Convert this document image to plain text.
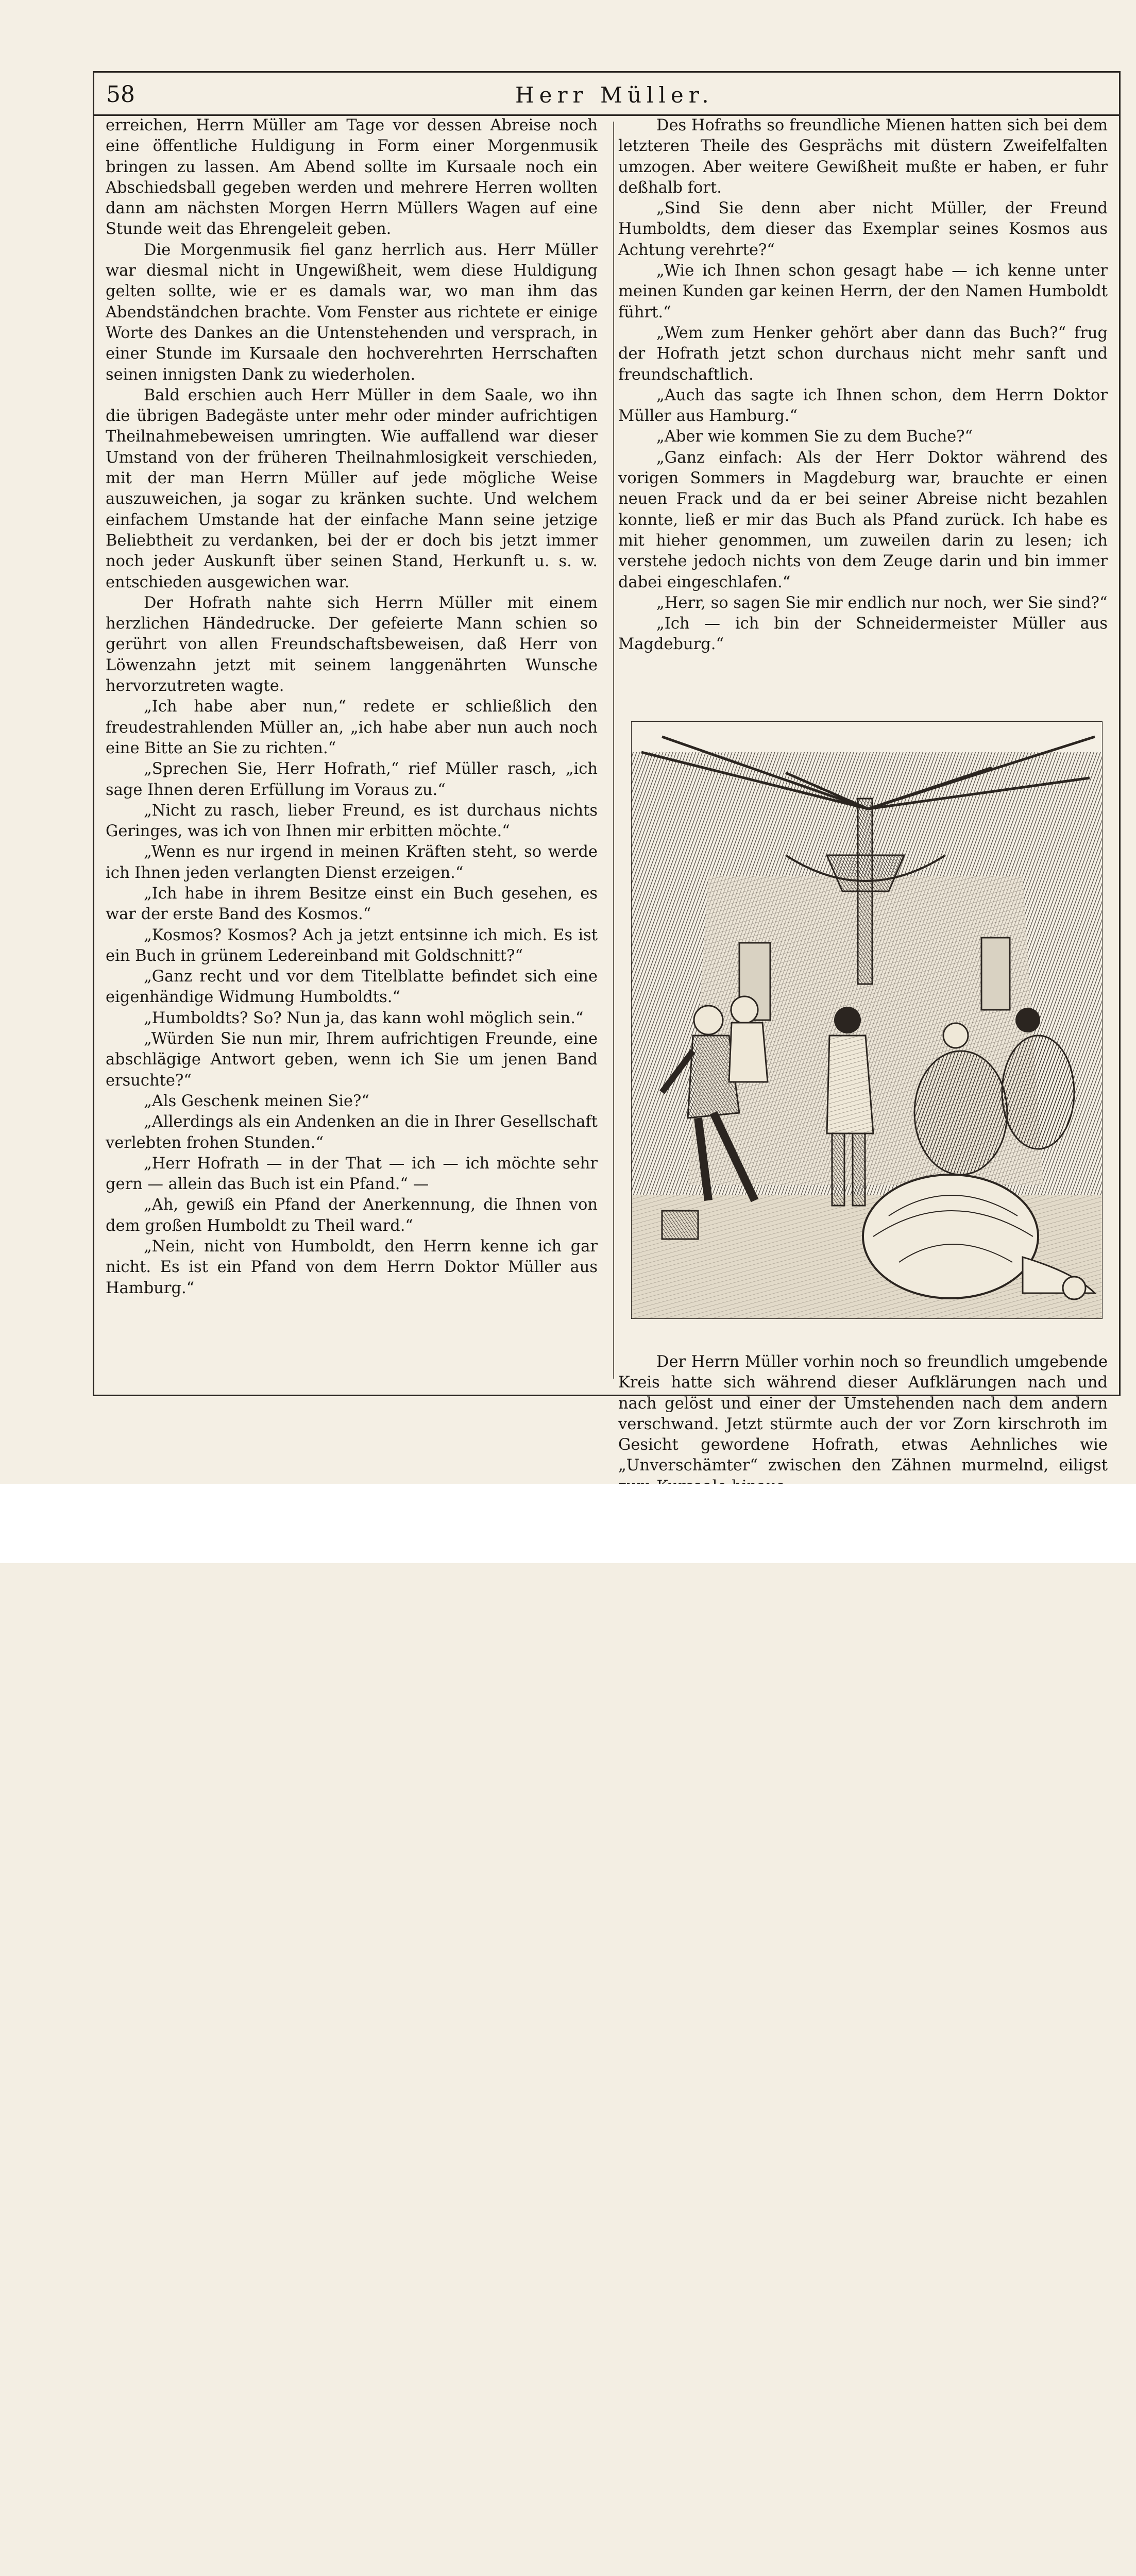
58	Herr Müller.

erreichen, Herrn Müller am Tage vor dessen Abreise noch eine öffentliche Huldigung in Form einer Morgenmusik bringen zu lassen. Am Abend sollte im Kursaale noch ein Abschiedsball gegeben werden und mehrere Herren wollten dann am nächsten Morgen Herrn Müllers Wagen auf eine Stunde weit das Ehrengeleit geben.

Die Morgenmusik fiel ganz herrlich aus. Herr Müller war diesmal nicht in Ungewißheit, wem diese Huldigung gelten sollte, wie er es damals war, wo man ihm das Abendständchen brachte. Vom Fenster aus richtete er einige Worte des Dankes an die Untenstehenden und versprach, in einer Stunde im Kursaale den hochverehrten Herrschaften seinen innigsten Dank zu wiederholen.

Bald erschien auch Herr Müller in dem Saale, wo ihn die übrigen Badegäste unter mehr oder minder aufrichtigen Theilnahmebeweisen umringten. Wie auffallend war dieser Umstand von der früheren Theilnahmlosigkeit verschieden, mit der man Herrn Müller auf jede mögliche Weise auszuweichen, ja sogar zu kränken suchte. Und welchem einfachem Umstande hat der einfache Mann seine jetzige Beliebtheit zu verdanken, bei der er doch bis jetzt immer noch jeder Auskunft über seinen Stand, Herkunft u. s. w. entschieden ausgewichen war.

Der Hofrath nahte sich Herrn Müller mit einem herzlichen Händedrucke. Der gefeierte Mann schien so gerührt von allen Freundschaftsbeweisen, daß Herr von Löwenzahn jetzt mit seinem langgenährten Wunsche hervorzutreten wagte.

„Ich habe aber nun,“ redete er schließlich den freudestrahlenden Müller an, „ich habe aber nun auch noch eine Bitte an Sie zu richten.“

„Sprechen Sie, Herr Hofrath,“ rief Müller rasch, „ich sage Ihnen deren Erfüllung im Voraus zu.“

„Nicht zu rasch, lieber Freund, es ist durchaus nichts Geringes, was ich von Ihnen mir erbitten möchte.“

„Wenn es nur irgend in meinen Kräften steht, so werde ich Ihnen jeden verlangten Dienst erzeigen.“

„Ich habe in ihrem Besitze einst ein Buch gesehen, es war der erste Band des Kosmos.“

„Kosmos? Kosmos? Ach ja jetzt entsinne ich mich. Es ist ein Buch in grünem Ledereinband mit Goldschnitt?“

„Ganz recht und vor dem Titelblatte befindet sich eine eigenhändige Widmung Humboldts.“

„Humboldts? So? Nun ja, das kann wohl möglich sein.“

„Würden Sie nun mir, Ihrem aufrichtigen Freunde, eine abschlägige Antwort geben, wenn ich Sie um jenen Band ersuchte?“

„Als Geschenk meinen Sie?“

„Allerdings als ein Andenken an die in Ihrer Gesellschaft verlebten frohen Stunden.“

„Herr Hofrath — in der That — ich — ich möchte sehr gern — allein das Buch ist ein Pfand.“ —

„Ah, gewiß ein Pfand der Anerkennung, die Ihnen von dem großen Humboldt zu Theil ward.“

„Nein, nicht von Humboldt, den Herrn kenne ich gar nicht. Es ist ein Pfand von dem Herrn Doktor Müller aus Hamburg.“

Des Hofraths so freundliche Mienen hatten sich bei dem letzteren Theile des Gesprächs mit düstern Zweifelfalten umzogen. Aber weitere Gewißheit mußte er haben, er fuhr deßhalb fort.

„Sind Sie denn aber nicht Müller, der Freund Humboldts, dem dieser das Exemplar seines Kosmos aus Achtung verehrte?“

„Wie ich Ihnen schon gesagt habe — ich kenne unter meinen Kunden gar keinen Herrn, der den Namen Humboldt führt.“

„Wem zum Henker gehört aber dann das Buch?“ frug der Hofrath jetzt schon durchaus nicht mehr sanft und freundschaftlich.

„Auch das sagte ich Ihnen schon, dem Herrn Doktor Müller aus Hamburg.“

„Aber wie kommen Sie zu dem Buche?“

„Ganz einfach: Als der Herr Doktor während des vorigen Sommers in Magdeburg war, brauchte er einen neuen Frack und da er bei seiner Abreise nicht bezahlen konnte, ließ er mir das Buch als Pfand zurück. Ich habe es mit hieher genommen, um zuweilen darin zu lesen; ich verstehe jedoch nichts von dem Zeuge darin und bin immer dabei eingeschlafen.“

„Herr, so sagen Sie mir endlich nur noch, wer Sie sind?“

„Ich — ich bin der Schneidermeister Müller aus Magdeburg.“

Der Herrn Müller vorhin noch so freundlich umgebende Kreis hatte sich während dieser Aufklärungen nach und nach gelöst und einer der Umstehenden nach dem andern verschwand. Jetzt stürmte auch der vor Zorn kirschroth im Gesicht gewordene Hofrath, etwas Aehnliches wie „Unverschämter“ zwischen den Zähnen murmelnd, eiligst
